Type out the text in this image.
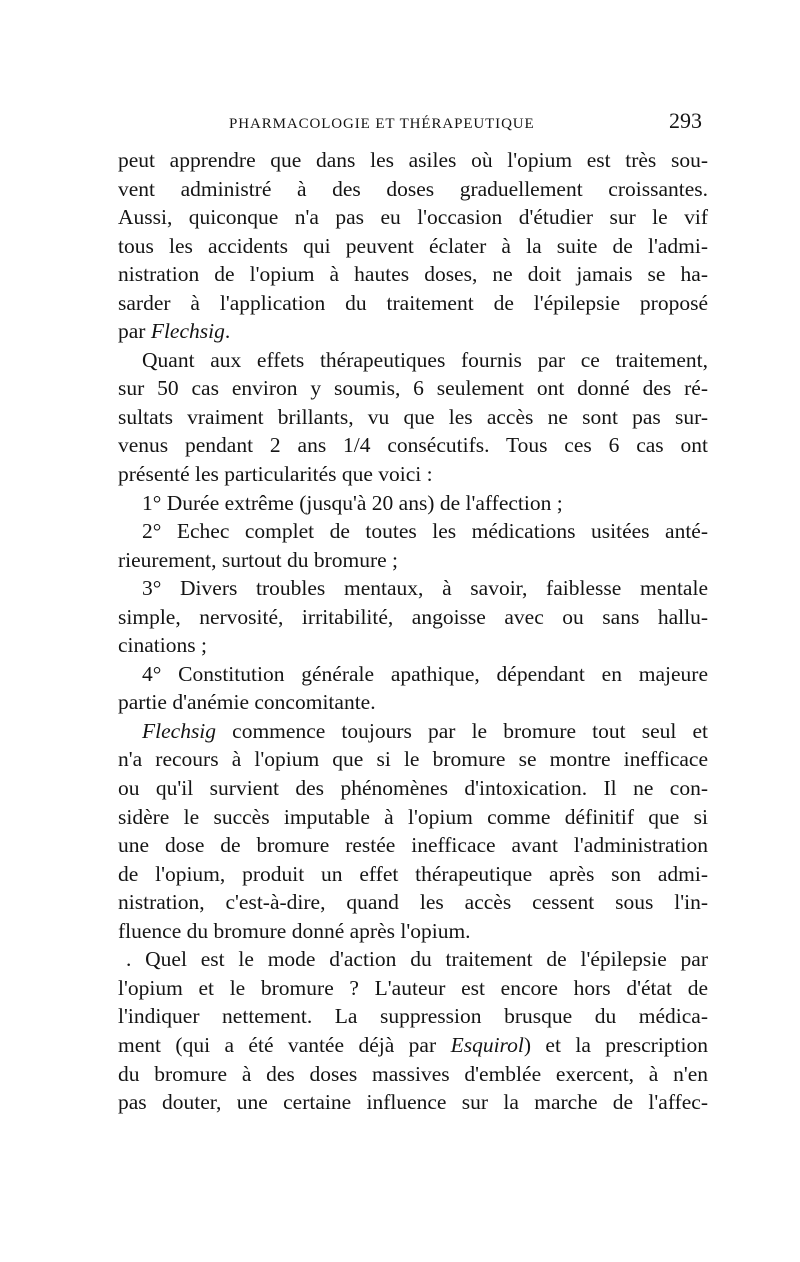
PHARMACOLOGIE ET THÉRAPEUTIQUE	293
peut apprendre que dans les asiles où l'opium est très sou-
vent administré à des doses graduellement croissantes.
Aussi, quiconque n'a pas eu l'occasion d'étudier sur le vif
tous les accidents qui peuvent éclater à la suite de l'admi-
nistration de l'opium à hautes doses, ne doit jamais se ha-
sarder à l'application du traitement de l'épilepsie proposé
par Flechsig.
Quant aux effets thérapeutiques fournis par ce traitement,
sur 50 cas environ y soumis, 6 seulement ont donné des ré-
sultats vraiment brillants, vu que les accès ne sont pas sur-
venus pendant 2 ans 1/4 consécutifs. Tous ces 6 cas ont
présenté les particularités que voici :
1° Durée extrême (jusqu'à 20 ans) de l'affection ;
2° Echec complet de toutes les médications usitées anté-
rieurement, surtout du bromure ;
3° Divers troubles mentaux, à savoir, faiblesse mentale
simple, nervosité, irritabilité, angoisse avec ou sans hallu-
cinations ;
4° Constitution générale apathique, dépendant en majeure
partie d'anémie concomitante.
Flechsig commence toujours par le bromure tout seul et
n'a recours à l'opium que si le bromure se montre inefficace
ou qu'il survient des phénomènes d'intoxication. Il ne con-
sidère le succès imputable à l'opium comme définitif que si
une dose de bromure restée inefficace avant l'administration
de l'opium, produit un effet thérapeutique après son admi-
nistration, c'est-à-dire, quand les accès cessent sous l'in-
fluence du bromure donné après l'opium.
. Quel est le mode d'action du traitement de l'épilepsie par
l'opium et le bromure ? L'auteur est encore hors d'état de
l'indiquer nettement. La suppression brusque du médica-
ment (qui a été vantée déjà par Esquirol) et la prescription
du bromure à des doses massives d'emblée exercent, à n'en
pas douter, une certaine influence sur la marche de l'affec-
